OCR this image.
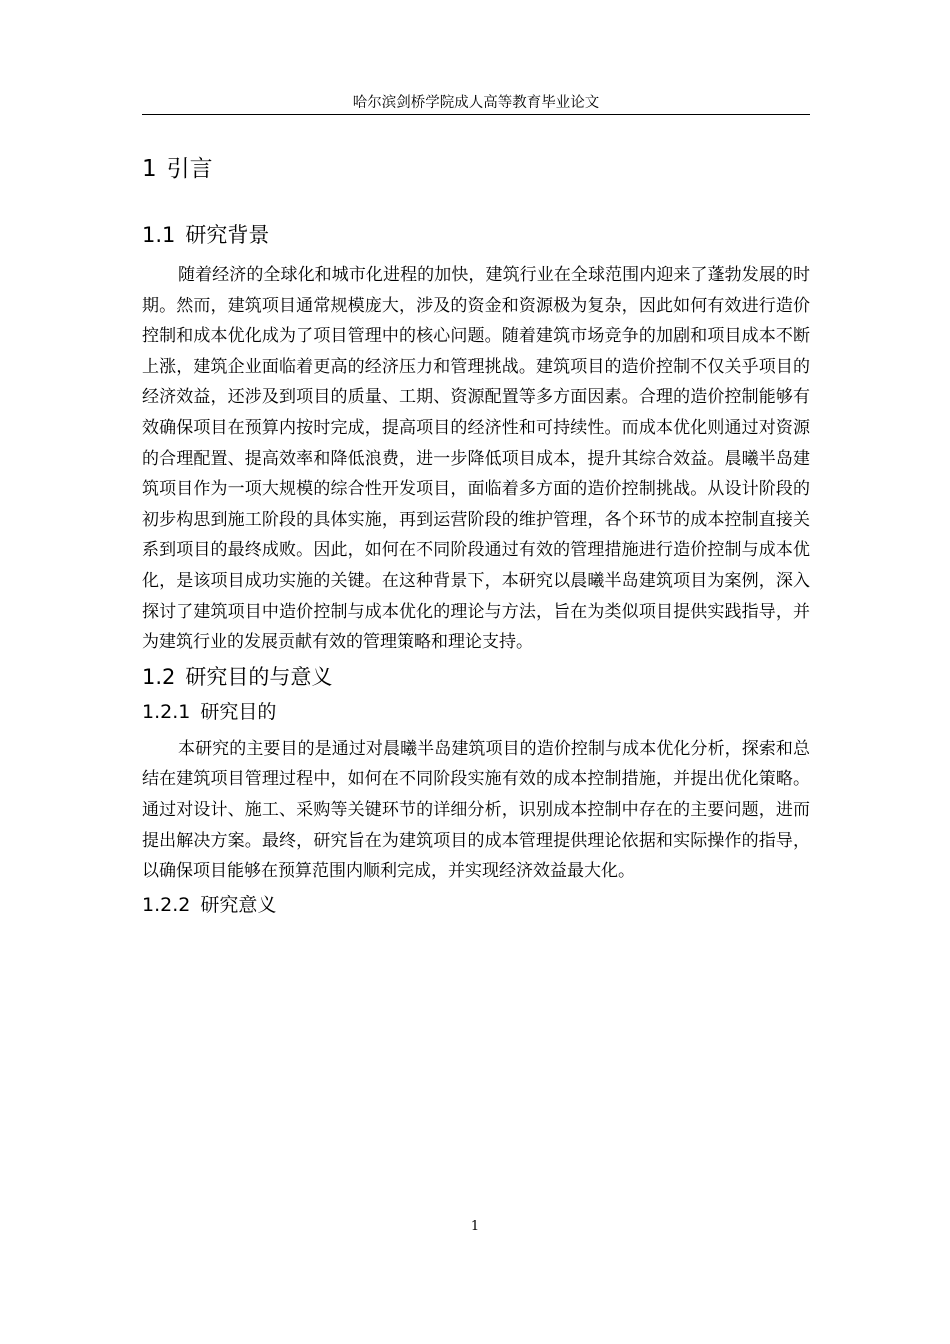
哈尔滨剑桥学院成人高等教育毕业论文
1 引言
1.1 研究背景

随着经济的全球化和城市化进程的加快，建筑行业在全球范围内迎来了蓬勃发展的时期。然而，建筑项目通常规模庞大，涉及的资金和资源极为复杂，因此如何有效进行造价控制和成本优化成为了项目管理中的核心问题。随着建筑市场竞争的加剧和项目成本不断上涨，建筑企业面临着更高的经济压力和管理挑战。建筑项目的造价控制不仅关乎项目的经济效益，还涉及到项目的质量、工期、资源配置等多方面因素。合理的造价控制能够有效确保项目在预算内按时完成，提高项目的经济性和可持续性。而成本优化则通过对资源的合理配置、提高效率和降低浪费，进一步降低项目成本，提升其综合效益。晨曦半岛建筑项目作为一项大规模的综合性开发项目，面临着多方面的造价控制挑战。从设计阶段的初步构思到施工阶段的具体实施，再到运营阶段的维护管理，各个环节的成本控制直接关系到项目的最终成败。因此，如何在不同阶段通过有效的管理措施进行造价控制与成本优化，是该项目成功实施的关键。在这种背景下，本研究以晨曦半岛建筑项目为案例，深入探讨了建筑项目中造价控制与成本优化的理论与方法，旨在为类似项目提供实践指导，并为建筑行业的发展贡献有效的管理策略和理论支持。

1.2 研究目的与意义
1.2.1 研究目的

本研究的主要目的是通过对晨曦半岛建筑项目的造价控制与成本优化分析，探索和总结在建筑项目管理过程中，如何在不同阶段实施有效的成本控制措施，并提出优化策略。通过对设计、施工、采购等关键环节的详细分析，识别成本控制中存在的主要问题，进而提出解决方案。最终，研究旨在为建筑项目的成本管理提供理论依据和实际操作的指导，以确保项目能够在预算范围内顺利完成，并实现经济效益最大化。

1.2.2 研究意义
1
